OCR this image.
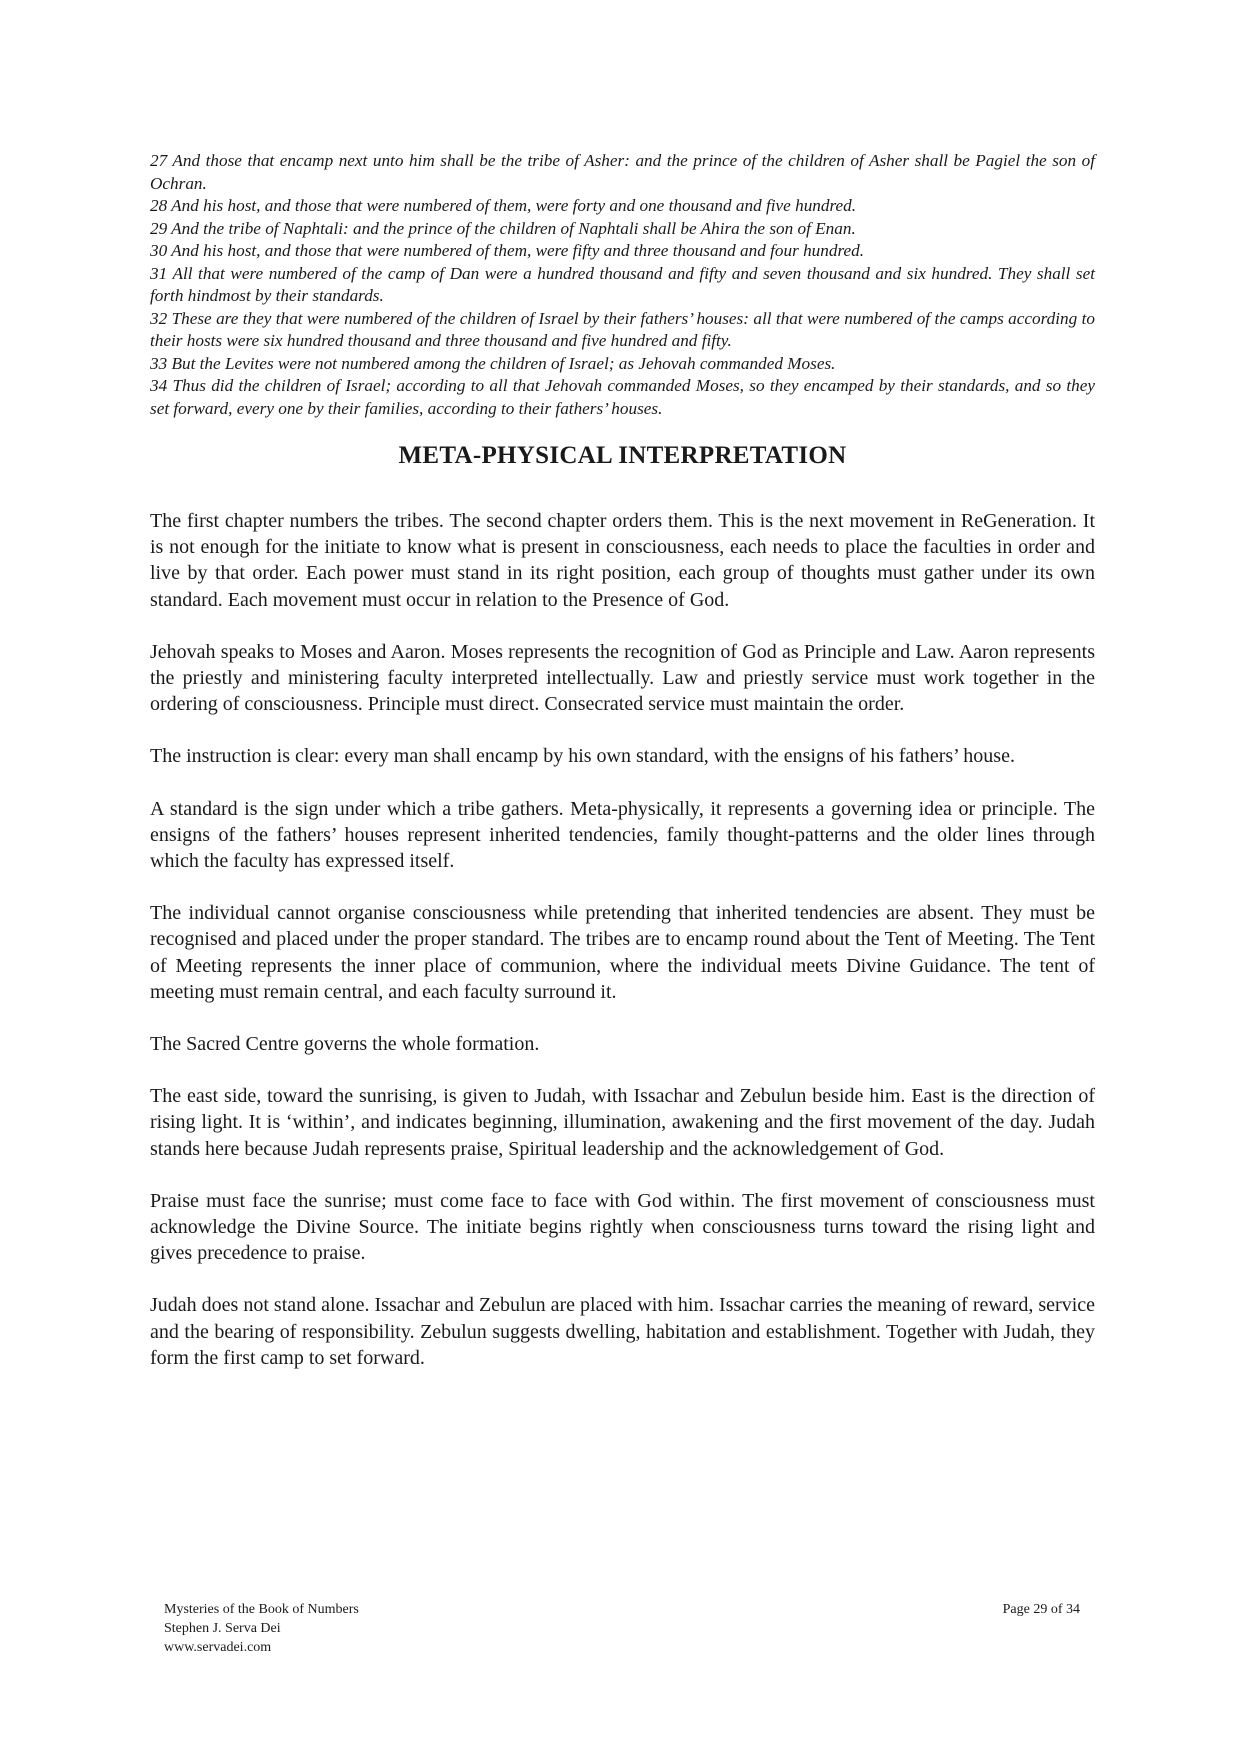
27 And those that encamp next unto him shall be the tribe of Asher: and the prince of the children of Asher shall be Pagiel the son of Ochran.

28 And his host, and those that were numbered of them, were forty and one thousand and five hundred.

29 And the tribe of Naphtali: and the prince of the children of Naphtali shall be Ahira the son of Enan.

30 And his host, and those that were numbered of them, were fifty and three thousand and four hundred.

31 All that were numbered of the camp of Dan were a hundred thousand and fifty and seven thousand and six hundred. They shall set forth hindmost by their standards.

32 These are they that were numbered of the children of Israel by their fathers’ houses: all that were numbered of the camps according to their hosts were six hundred thousand and three thousand and five hundred and fifty.

33 But the Levites were not numbered among the children of Israel; as Jehovah commanded Moses.

34 Thus did the children of Israel; according to all that Jehovah commanded Moses, so they encamped by their standards, and so they set forward, every one by their families, according to their fathers’ houses.

META-PHYSICAL INTERPRETATION

The first chapter numbers the tribes. The second chapter orders them. This is the next movement in ReGeneration. It is not enough for the initiate to know what is present in consciousness, each needs to place the faculties in order and live by that order. Each power must stand in its right position, each group of thoughts must gather under its own standard. Each movement must occur in relation to the Presence of God.

Jehovah speaks to Moses and Aaron. Moses represents the recognition of God as Principle and Law. Aaron represents the priestly and ministering faculty interpreted intellectually. Law and priestly service must work together in the ordering of consciousness. Principle must direct. Consecrated service must maintain the order.

The instruction is clear: every man shall encamp by his own standard, with the ensigns of his fathers’ house.

A standard is the sign under which a tribe gathers. Meta-physically, it represents a governing idea or principle. The ensigns of the fathers’ houses represent inherited tendencies, family thought-patterns and the older lines through which the faculty has expressed itself.

The individual cannot organise consciousness while pretending that inherited tendencies are absent. They must be recognised and placed under the proper standard. The tribes are to encamp round about the Tent of Meeting. The Tent of Meeting represents the inner place of communion, where the individual meets Divine Guidance. The tent of meeting must remain central, and each faculty surround it.

The Sacred Centre governs the whole formation.

The east side, toward the sunrising, is given to Judah, with Issachar and Zebulun beside him. East is the direction of rising light. It is ‘within’, and indicates beginning, illumination, awakening and the first movement of the day. Judah stands here because Judah represents praise, Spiritual leadership and the acknowledgement of God.

Praise must face the sunrise; must come face to face with God within. The first movement of consciousness must acknowledge the Divine Source. The initiate begins rightly when consciousness turns toward the rising light and gives precedence to praise.

Judah does not stand alone. Issachar and Zebulun are placed with him. Issachar carries the meaning of reward, service and the bearing of responsibility. Zebulun suggests dwelling, habitation and establishment. Together with Judah, they form the first camp to set forward.

Mysteries of the Book of Numbers
Stephen J. Serva Dei
www.servadei.com
Page 29 of 34
